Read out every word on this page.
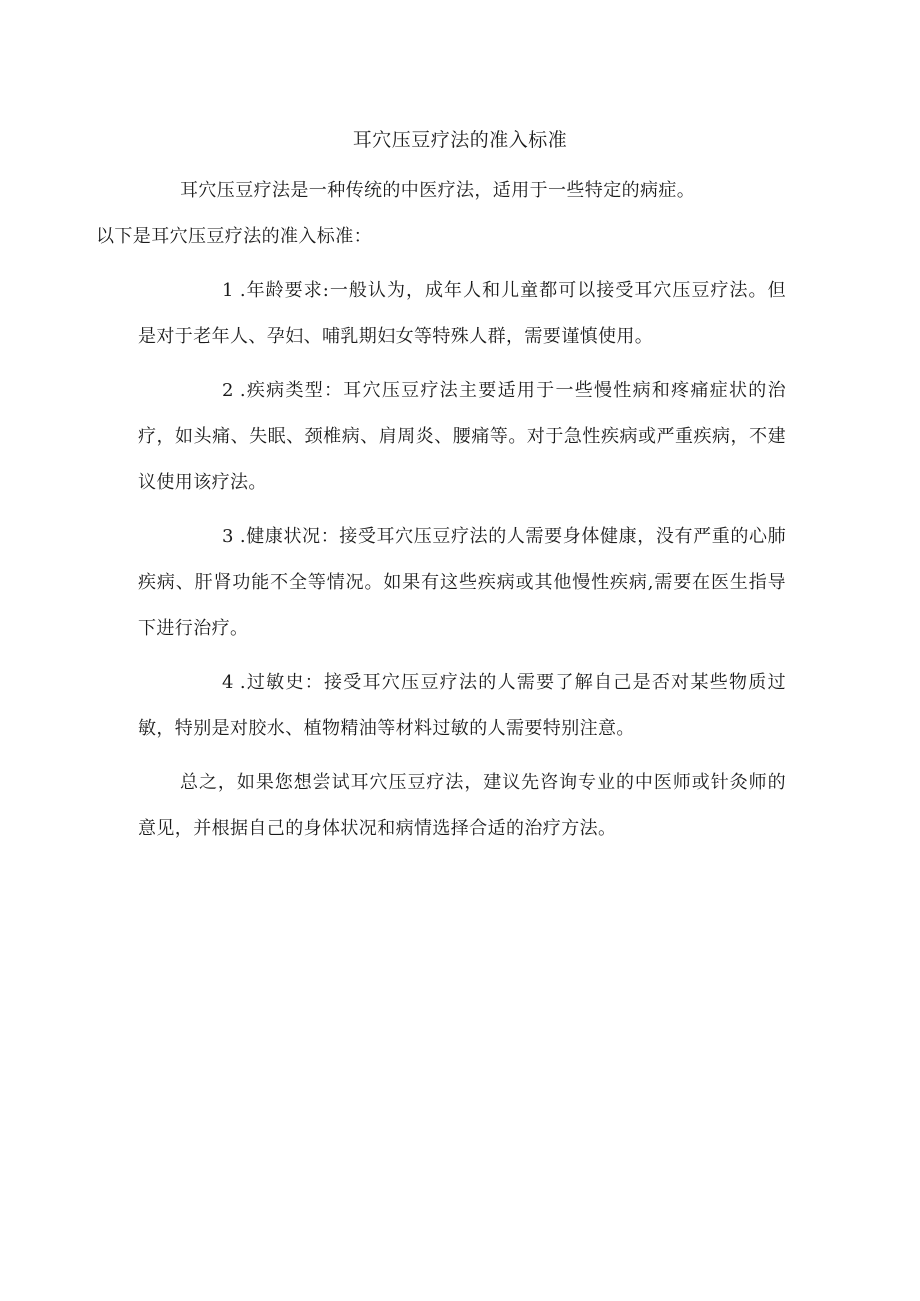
耳穴压豆疗法的准入标准

耳穴压豆疗法是一种传统的中医疗法，适用于一些特定的病症。
以下是耳穴压豆疗法的准入标准：

1 .年龄要求:一般认为，成年人和儿童都可以接受耳穴压豆疗法。但是对于老年人、孕妇、哺乳期妇女等特殊人群，需要谨慎使用。

2 .疾病类型：耳穴压豆疗法主要适用于一些慢性病和疼痛症状的治疗，如头痛、失眠、颈椎病、肩周炎、腰痛等。对于急性疾病或严重疾病，不建议使用该疗法。

3 .健康状况：接受耳穴压豆疗法的人需要身体健康，没有严重的心肺疾病、肝肾功能不全等情况。如果有这些疾病或其他慢性疾病,需要在医生指导下进行治疗。

4 .过敏史：接受耳穴压豆疗法的人需要了解自己是否对某些物质过敏，特别是对胶水、植物精油等材料过敏的人需要特别注意。

总之，如果您想尝试耳穴压豆疗法，建议先咨询专业的中医师或针灸师的意见，并根据自己的身体状况和病情选择合适的治疗方法。
